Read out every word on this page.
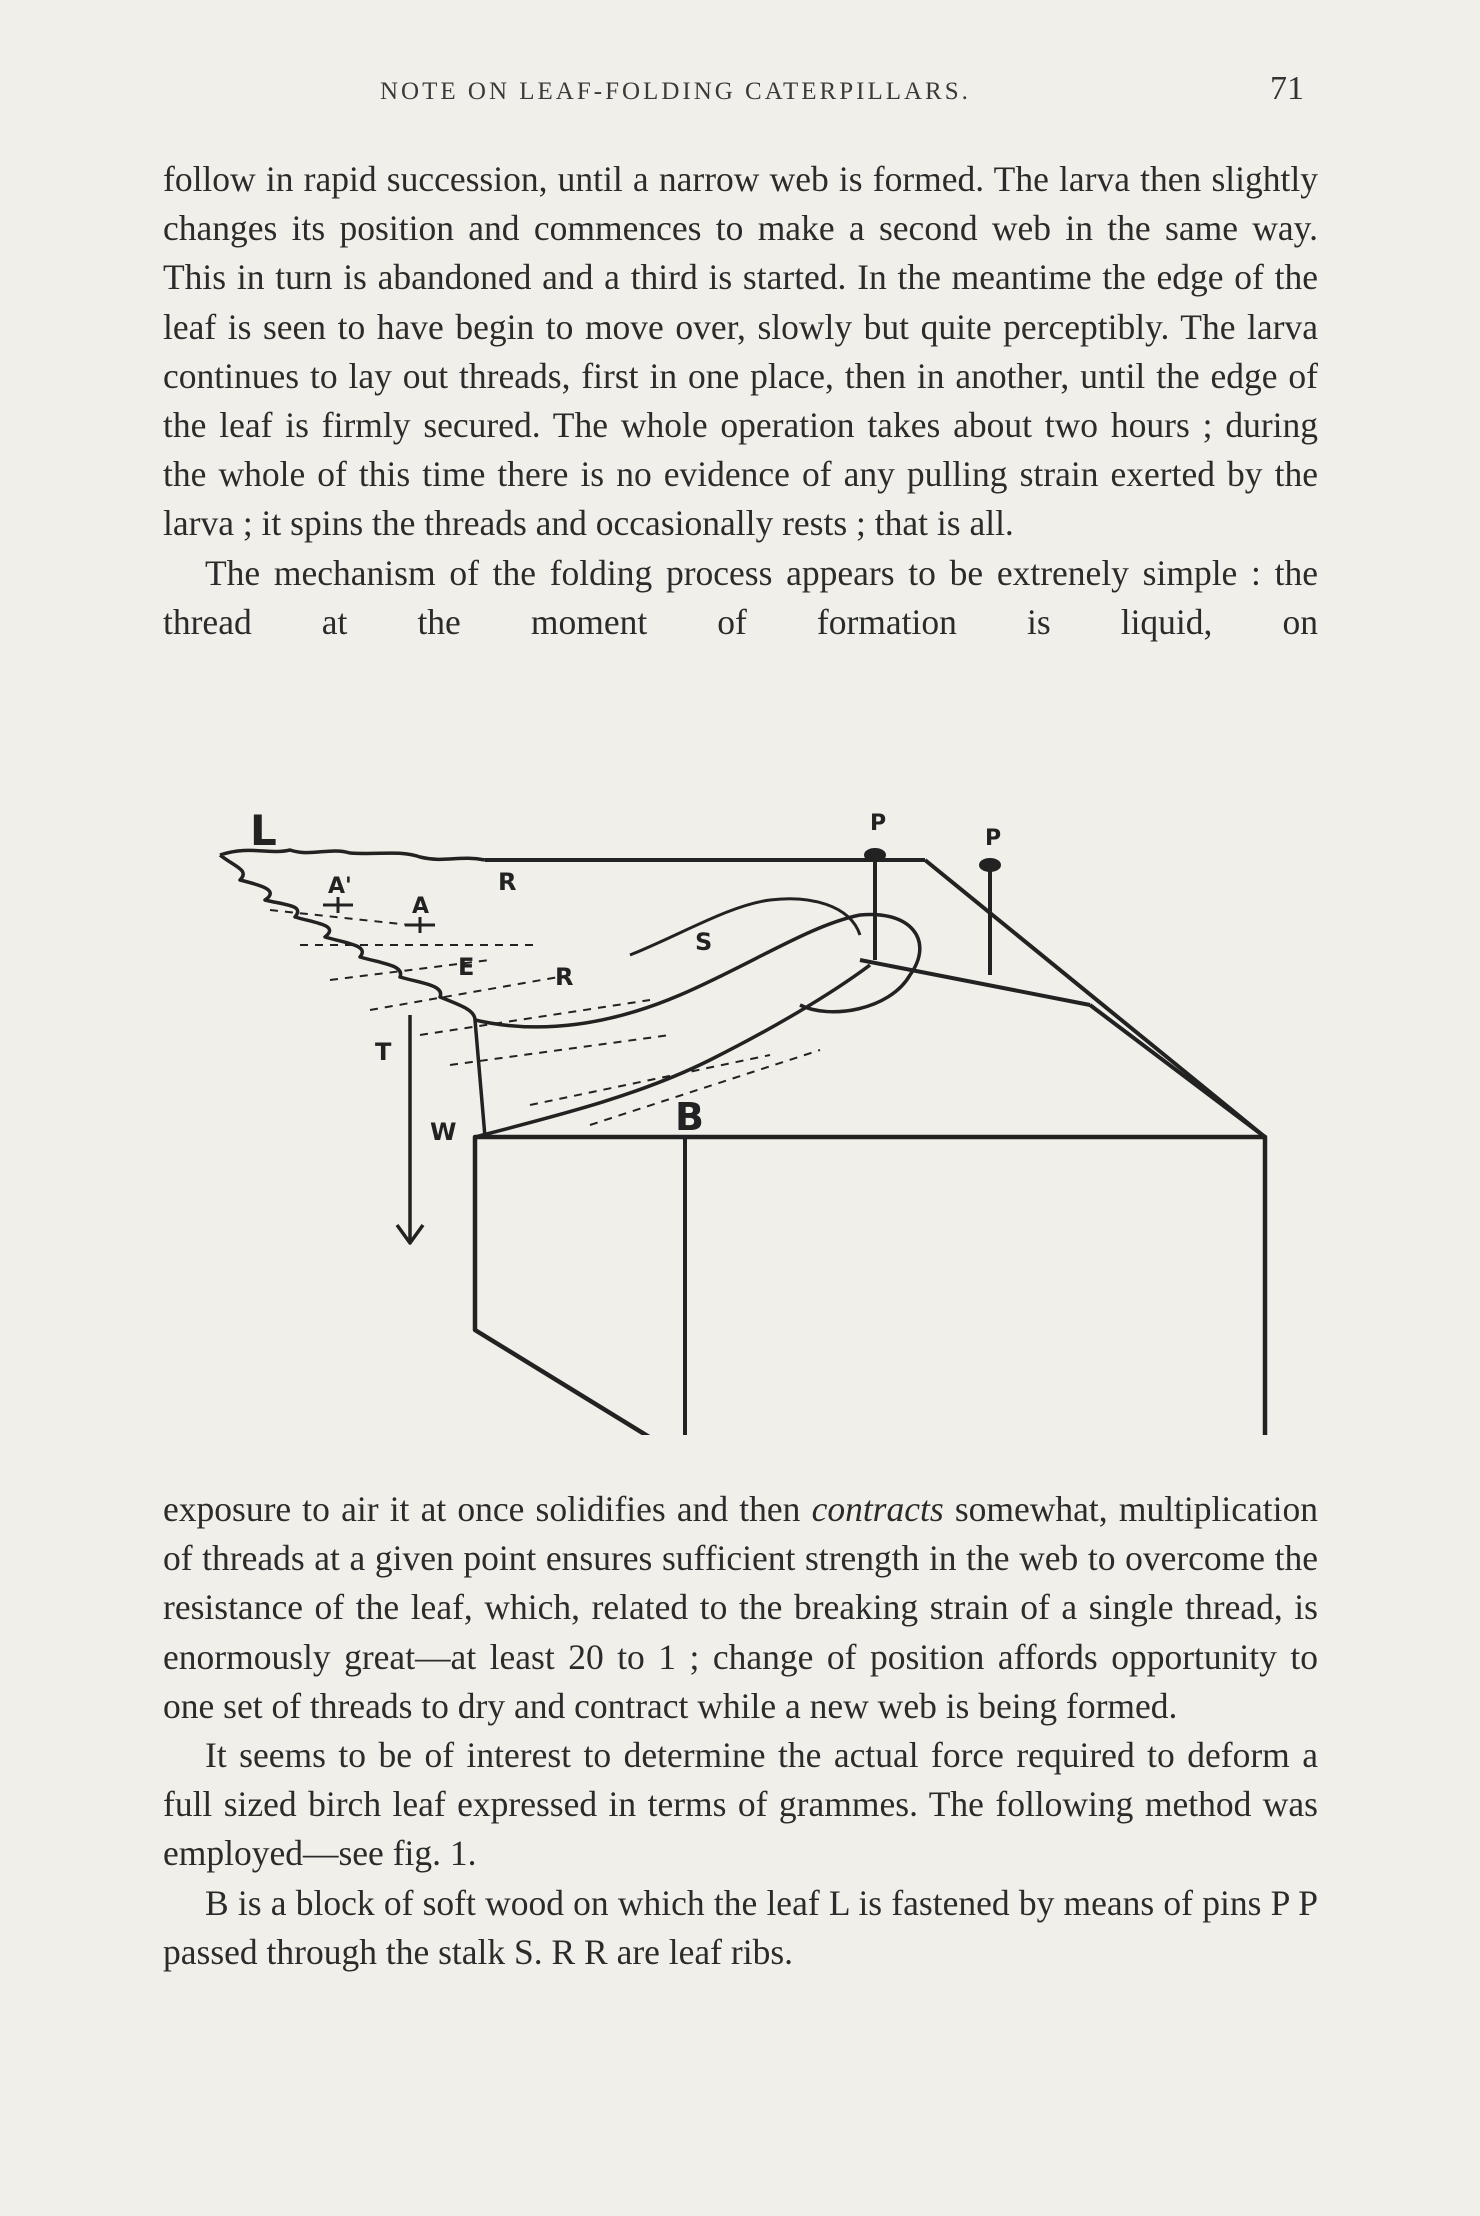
NOTE ON LEAF-FOLDING CATERPILLARS.	71

follow in rapid succession, until a narrow web is formed. The larva then slightly changes its position and commences to make a second web in the same way. This in turn is abandoned and a third is started. In the meantime the edge of the leaf is seen to have begin to move over, slowly but quite perceptibly. The larva continues to lay out threads, first in one place, then in another, until the edge of the leaf is firmly secured. The whole operation takes about two hours ; during the whole of this time there is no evidence of any pulling strain exerted by the larva ; it spins the threads and occasionally rests ; that is all.

The mechanism of the folding process appears to be extrenely simple : the thread at the moment of formation is liquid, on

L	P
P
R
A'
A
E	R
S
T
W	B

exposure to air it at once solidifies and then contracts somewhat, multiplication of threads at a given point ensures sufficient strength in the web to overcome the resistance of the leaf, which, related to the breaking strain of a single thread, is enormously great—at least 20 to 1 ; change of position affords opportunity to one set of threads to dry and contract while a new web is being formed.

It seems to be of interest to determine the actual force required to deform a full sized birch leaf expressed in terms of grammes. The following method was employed—see fig. 1.

B is a block of soft wood on which the leaf L is fastened by means of pins P P passed through the stalk S. R R are leaf ribs.
